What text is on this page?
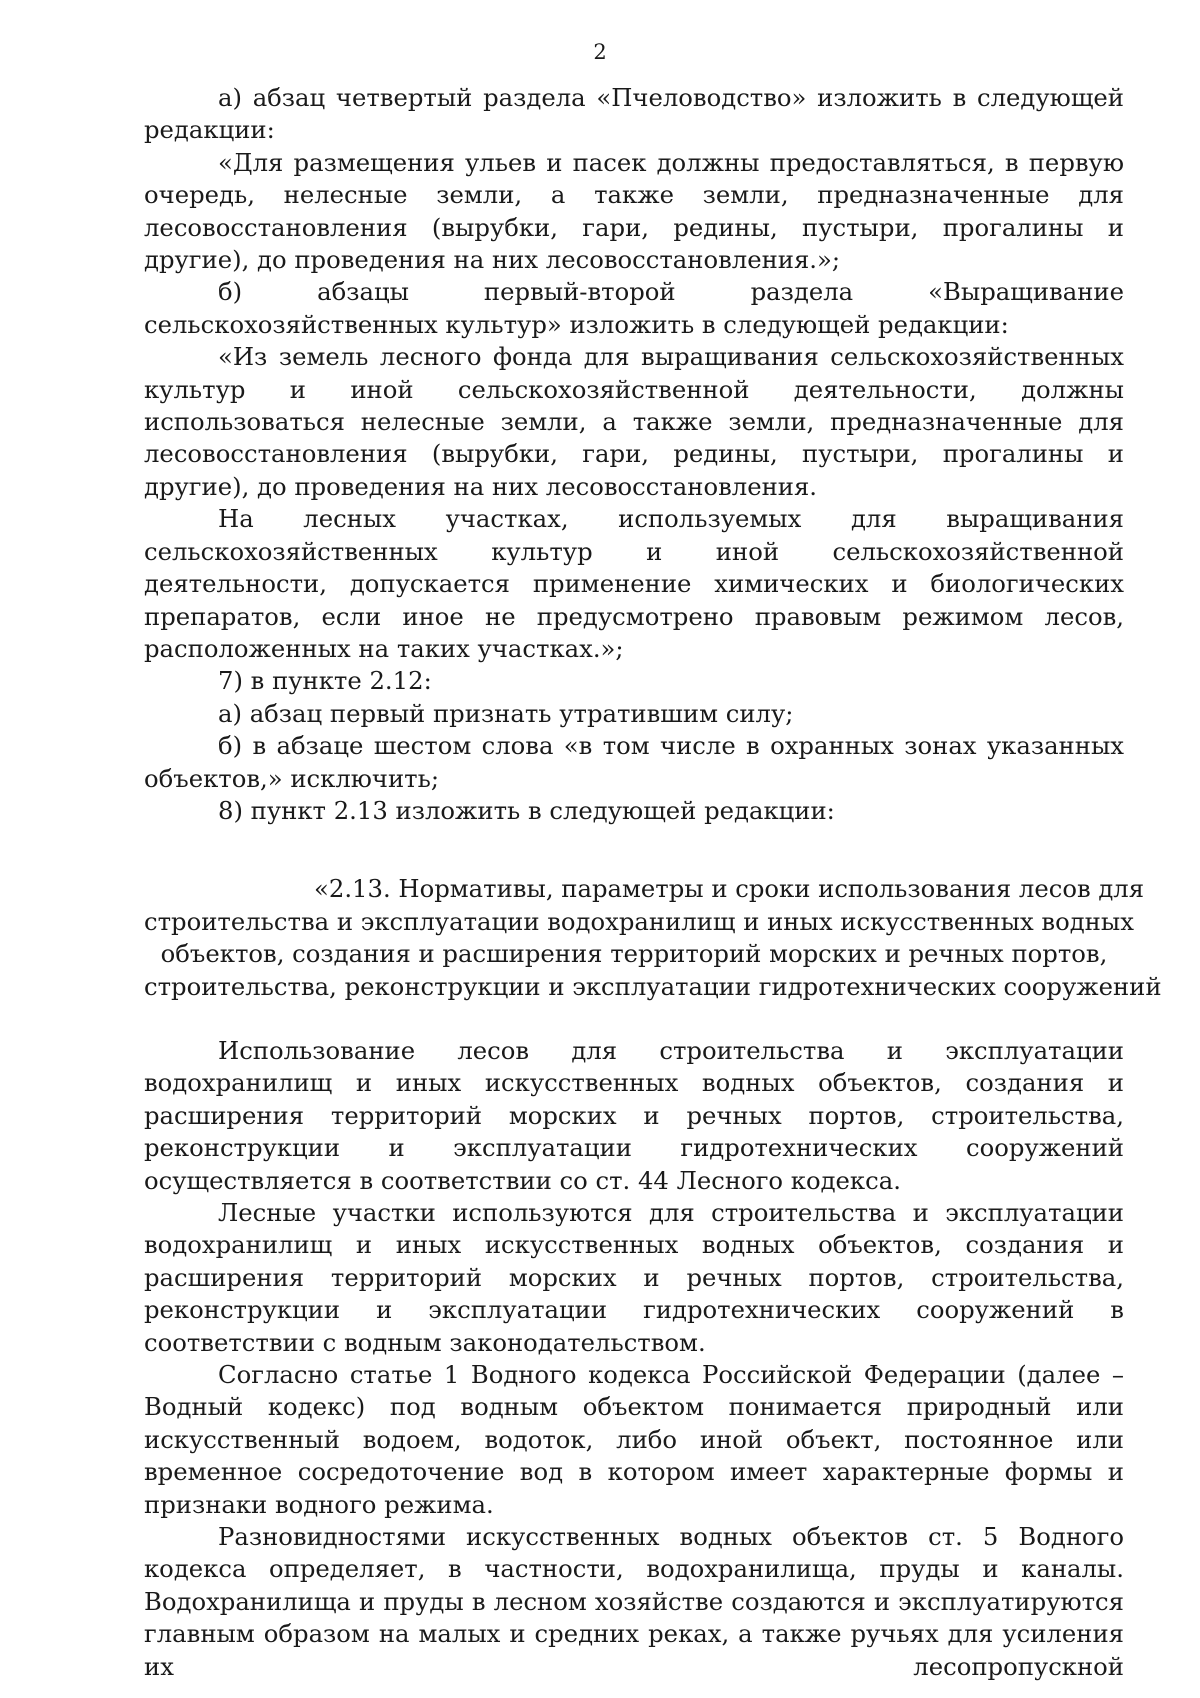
2

а) абзац четвертый раздела «Пчеловодство» изложить в следующей редакции:

«Для размещения ульев и пасек должны предоставляться, в первую очередь, нелесные земли, а также земли, предназначенные для лесовосстановления (вырубки, гари, редины, пустыри, прогалины и другие), до проведения на них лесовосстановления.»;

б) абзацы первый-второй раздела «Выращивание сельскохозяйственных культур» изложить в следующей редакции:

«Из земель лесного фонда для выращивания сельскохозяйственных культур и иной сельскохозяйственной деятельности, должны использоваться нелесные земли, а также земли, предназначенные для лесовосстановления (вырубки, гари, редины, пустыри, прогалины и другие), до проведения на них лесовосстановления.

На лесных участках, используемых для выращивания сельскохозяйственных культур и иной сельскохозяйственной деятельности, допускается применение химических и биологических препаратов, если иное не предусмотрено правовым режимом лесов, расположенных на таких участках.»;

7) в пункте 2.12:

а) абзац первый признать утратившим силу;

б) в абзаце шестом слова «в том числе в охранных зонах указанных объектов,» исключить;

8) пункт 2.13 изложить в следующей редакции:

«2.13. Нормативы, параметры и сроки использования лесов для
строительства и эксплуатации водохранилищ и иных искусственных водных
объектов, создания и расширения территорий морских и речных портов,
строительства, реконструкции и эксплуатации гидротехнических сооружений

Использование лесов для строительства и эксплуатации водохранилищ и иных искусственных водных объектов, создания и расширения территорий морских и речных портов, строительства, реконструкции и эксплуатации гидротехнических сооружений осуществляется в соответствии со ст. 44 Лесного кодекса.

Лесные участки используются для строительства и эксплуатации водохранилищ и иных искусственных водных объектов, создания и расширения территорий морских и речных портов, строительства, реконструкции и эксплуатации гидротехнических сооружений в соответствии с водным законодательством.

Согласно статье 1 Водного кодекса Российской Федерации (далее – Водный кодекс) под водным объектом понимается природный или искусственный водоем, водоток, либо иной объект, постоянное или временное сосредоточение вод в котором имеет характерные формы и признаки водного режима.

Разновидностями искусственных водных объектов ст. 5 Водного кодекса определяет, в частности, водохранилища, пруды и каналы. Водохранилища и пруды в лесном хозяйстве создаются и эксплуатируются главным образом на малых и средних реках, а также ручьях для усиления их лесопропускной
